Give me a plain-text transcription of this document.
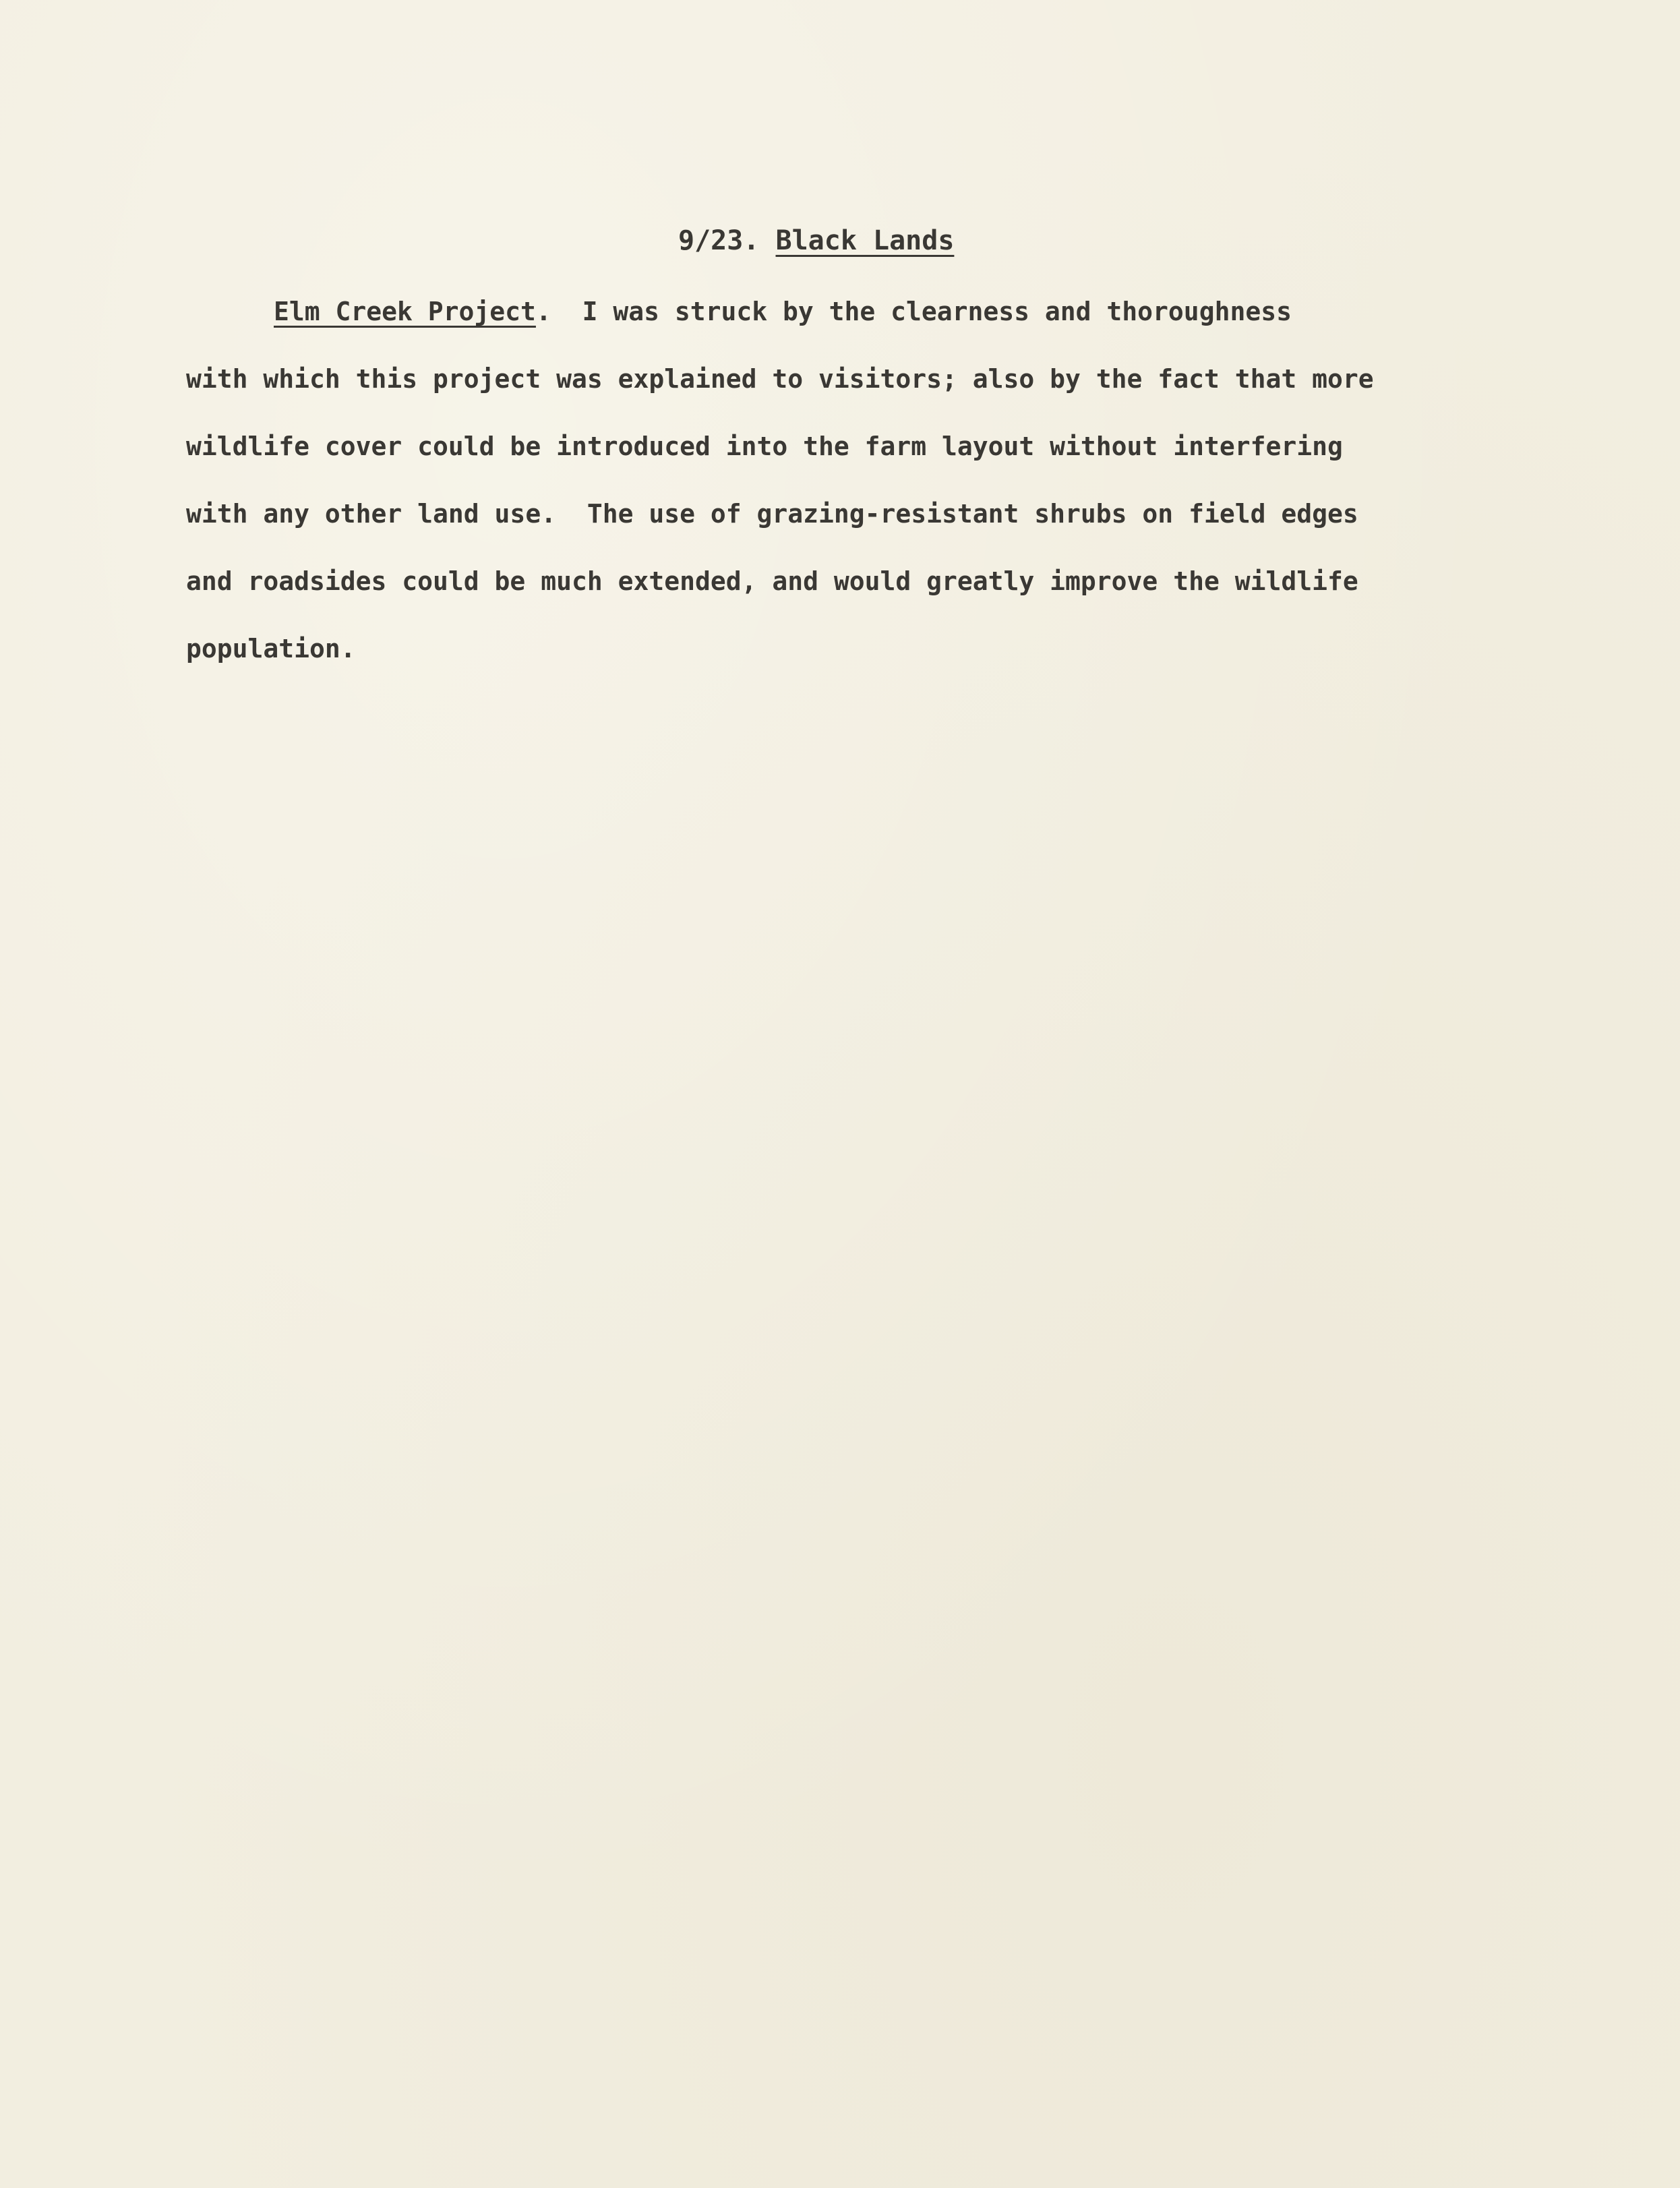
9/23. Black Lands
Elm Creek Project.  I was struck by the clearness and thoroughness
with which this project was explained to visitors; also by the fact that more
wildlife cover could be introduced into the farm layout without interfering
with any other land use.  The use of grazing-resistant shrubs on field edges
and roadsides could be much extended, and would greatly improve the wildlife
population.
